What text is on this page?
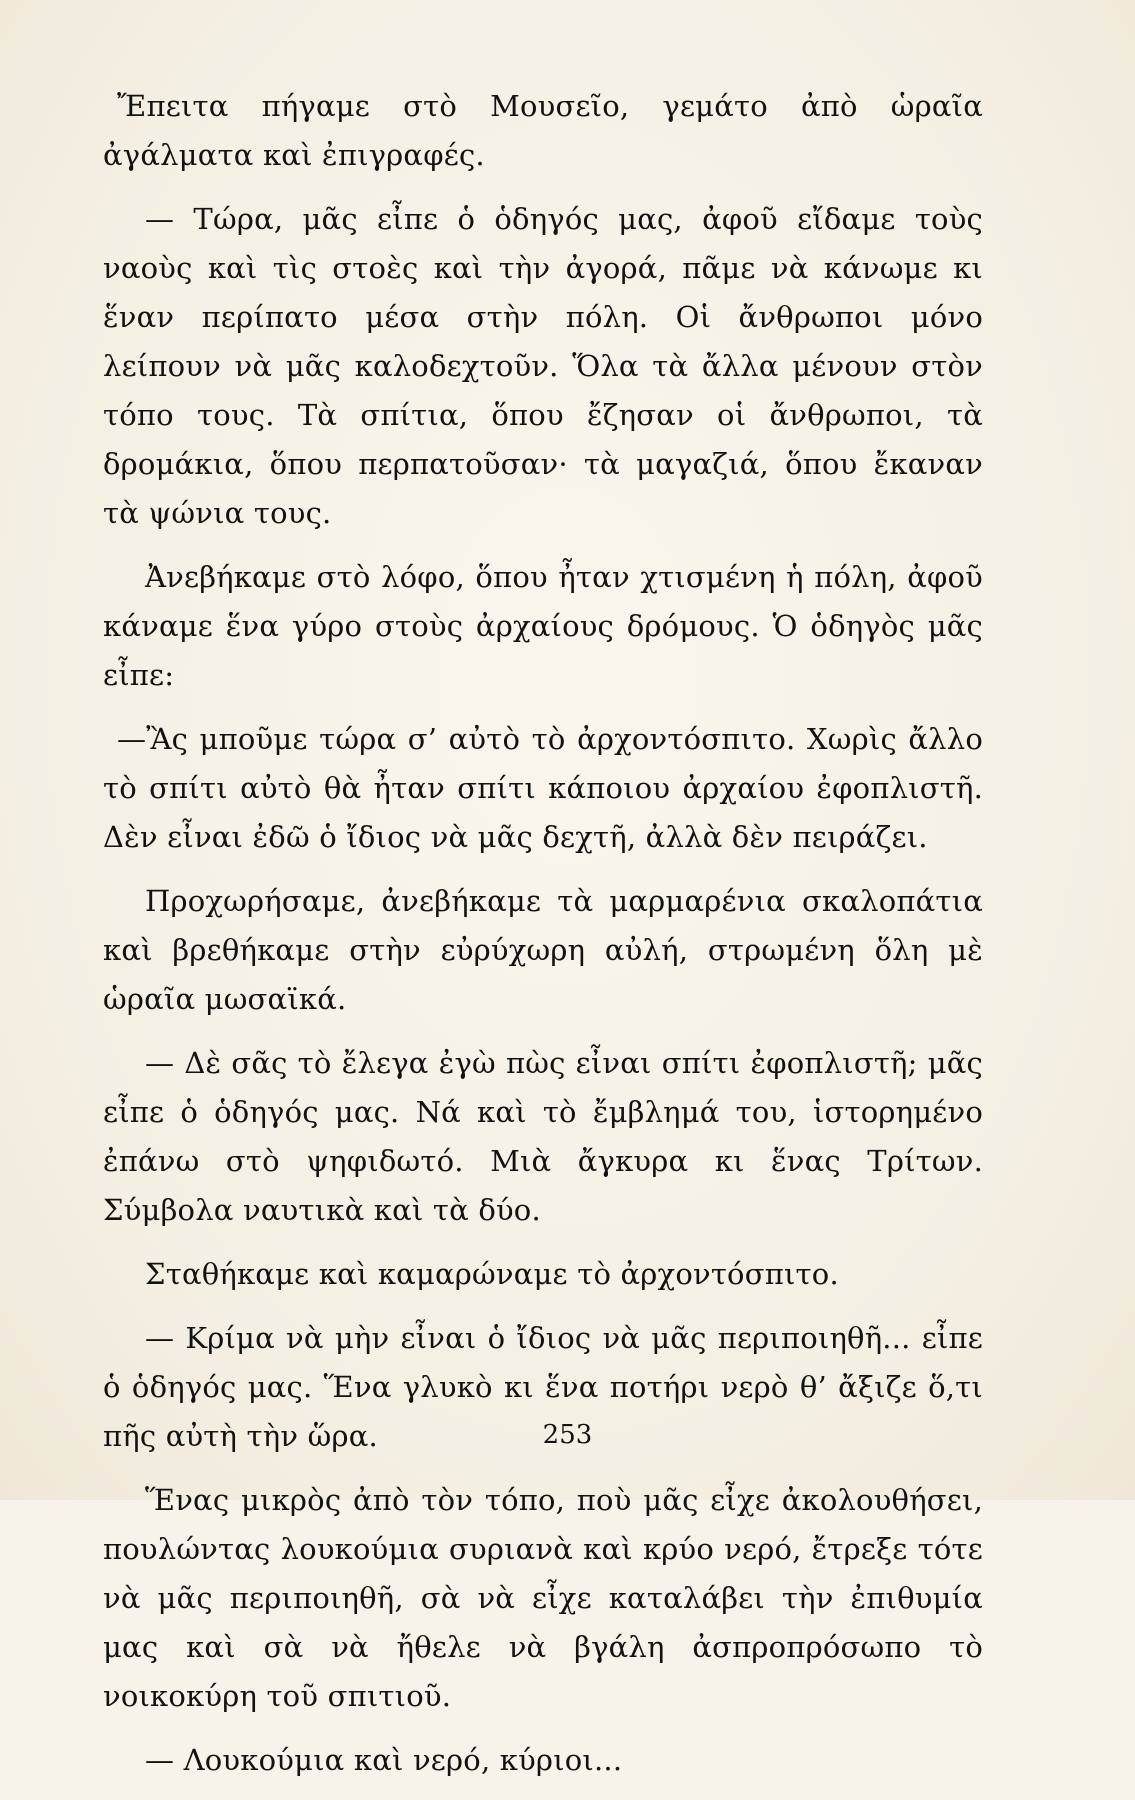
Ἔπειτα πήγαμε στὸ Μουσεῖο, γεμάτο ἀπὸ ὡραῖα ἀγάλματα καὶ ἐπιγραφές.

— Τώρα, μᾶς εἶπε ὁ ὁδηγός μας, ἀφοῦ εἴδαμε τοὺς ναοὺς καὶ τὶς στοὲς καὶ τὴν ἀγορά, πᾶμε νὰ κάνωμε κι ἕναν περίπατο μέσα στὴν πόλη. Οἱ ἄνθρωποι μόνο λείπουν νὰ μᾶς καλοδεχτοῦν. Ὅλα τὰ ἄλλα μένουν στὸν τόπο τους. Τὰ σπίτια, ὅπου ἔζησαν οἱ ἄνθρωποι, τὰ δρομάκια, ὅπου περπατοῦσαν· τὰ μαγαζιά, ὅπου ἔκαναν τὰ ψώνια τους.

Ἀνεβήκαμε στὸ λόφο, ὅπου ἦταν χτισμένη ἡ πόλη, ἀφοῦ κάναμε ἕνα γύρο στοὺς ἀρχαίους δρόμους. Ὁ ὁδηγὸς μᾶς εἶπε:

—Ἂς μποῦμε τώρα σ’ αὐτὸ τὸ ἀρχοντόσπιτο. Χωρὶς ἄλλο τὸ σπίτι αὐτὸ θὰ ἦταν σπίτι κάποιου ἀρχαίου ἐφοπλιστῆ. Δὲν εἶναι ἐδῶ ὁ ἴδιος νὰ μᾶς δεχτῆ, ἀλλὰ δὲν πειράζει.

Προχωρήσαμε, ἀνεβήκαμε τὰ μαρμαρένια σκαλοπάτια καὶ βρεθήκαμε στὴν εὐρύχωρη αὐλή, στρωμένη ὅλη μὲ ὡραῖα μωσαϊκά.

— Δὲ σᾶς τὸ ἔλεγα ἐγὼ πὼς εἶναι σπίτι ἐφοπλιστῆ; μᾶς εἶπε ὁ ὁδηγός μας. Νά καὶ τὸ ἔμβλημά του, ἱστορημένο ἐπάνω στὸ ψηφιδωτό. Μιὰ ἄγκυρα κι ἕνας Τρίτων. Σύμβολα ναυτικὰ καὶ τὰ δύο.

Σταθήκαμε καὶ καμαρώναμε τὸ ἀρχοντόσπιτο.

— Κρίμα νὰ μὴν εἶναι ὁ ἴδιος νὰ μᾶς περιποιηθῆ... εἶπε ὁ ὁδηγός μας. Ἕνα γλυκὸ κι ἕνα ποτήρι νερὸ θ’ ἄξιζε ὅ,τι πῆς αὐτὴ τὴν ὥρα.

Ἕνας μικρὸς ἀπὸ τὸν τόπο, ποὺ μᾶς εἶχε ἀκολουθήσει, πουλώντας λουκούμια συριανὰ καὶ κρύο νερό, ἔτρεξε τότε νὰ μᾶς περιποιηθῆ, σὰ νὰ εἶχε καταλάβει τὴν ἐπιθυμία μας καὶ σὰ νὰ ἤθελε νὰ βγάλη ἀσπροπρόσωπο τὸ νοικοκύρη τοῦ σπιτιοῦ.

— Λουκούμια καὶ νερό, κύριοι...

253
